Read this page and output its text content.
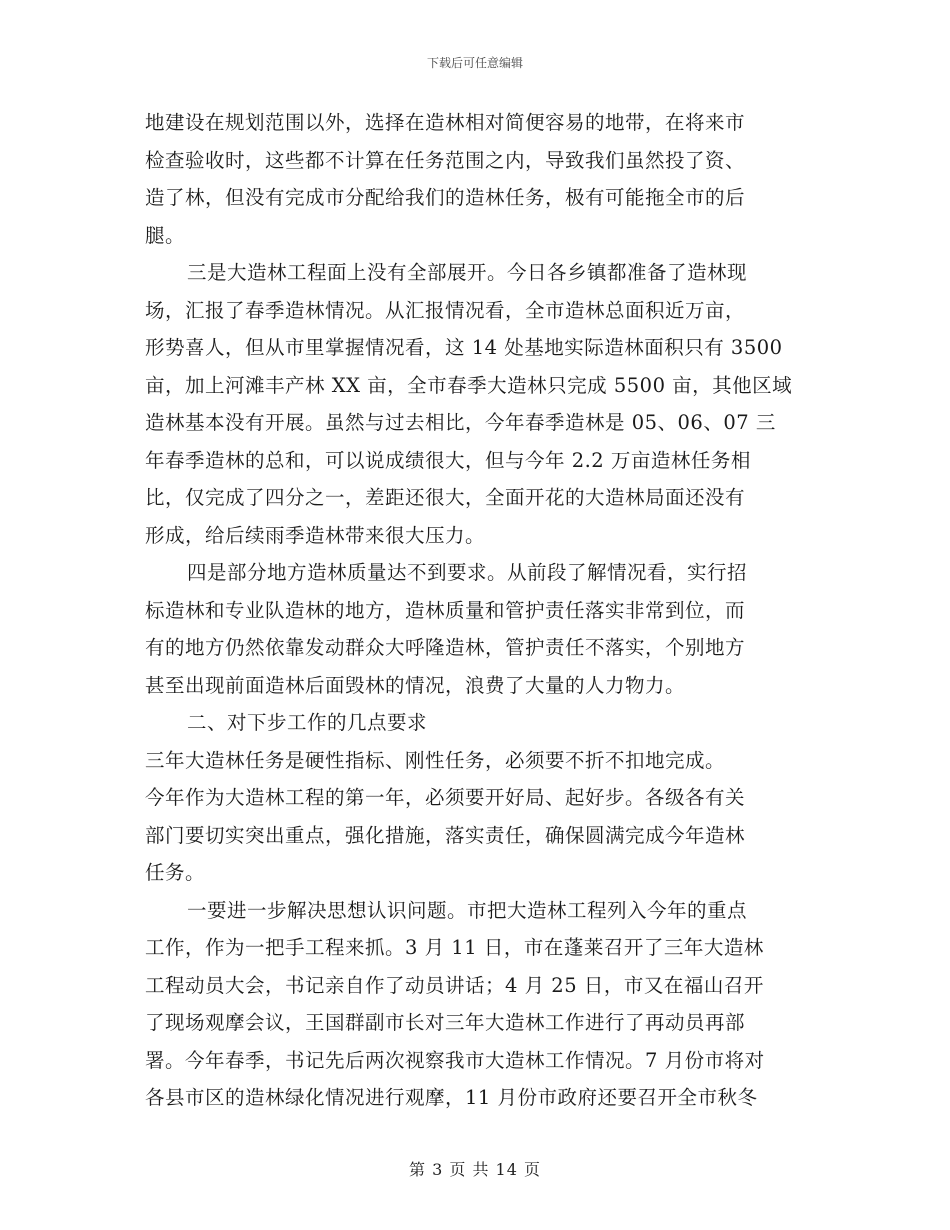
下载后可任意编辑
地建设在规划范围以外，选择在造林相对简便容易的地带，在将来市
检查验收时，这些都不计算在任务范围之内，导致我们虽然投了资、
造了林，但没有完成市分配给我们的造林任务，极有可能拖全市的后
腿。
三是大造林工程面上没有全部展开。今日各乡镇都准备了造林现
场，汇报了春季造林情况。从汇报情况看，全市造林总面积近万亩，
形势喜人，但从市里掌握情况看，这 14 处基地实际造林面积只有 3500
亩，加上河滩丰产林 XX 亩，全市春季大造林只完成 5500 亩，其他区域
造林基本没有开展。虽然与过去相比，今年春季造林是 05、06、07 三
年春季造林的总和，可以说成绩很大，但与今年 2.2 万亩造林任务相
比，仅完成了四分之一，差距还很大，全面开花的大造林局面还没有
形成，给后续雨季造林带来很大压力。
四是部分地方造林质量达不到要求。从前段了解情况看，实行招
标造林和专业队造林的地方，造林质量和管护责任落实非常到位，而
有的地方仍然依靠发动群众大呼隆造林，管护责任不落实，个别地方
甚至出现前面造林后面毁林的情况，浪费了大量的人力物力。
二、对下步工作的几点要求
三年大造林任务是硬性指标、刚性任务，必须要不折不扣地完成。
今年作为大造林工程的第一年，必须要开好局、起好步。各级各有关
部门要切实突出重点，强化措施，落实责任，确保圆满完成今年造林
任务。
一要进一步解决思想认识问题。市把大造林工程列入今年的重点
工作，作为一把手工程来抓。3 月 11 日，市在蓬莱召开了三年大造林
工程动员大会，书记亲自作了动员讲话；4 月 25 日，市又在福山召开
了现场观摩会议，王国群副市长对三年大造林工作进行了再动员再部
署。今年春季，书记先后两次视察我市大造林工作情况。7 月份市将对
各县市区的造林绿化情况进行观摩，11 月份市政府还要召开全市秋冬
第 3 页 共 14 页
